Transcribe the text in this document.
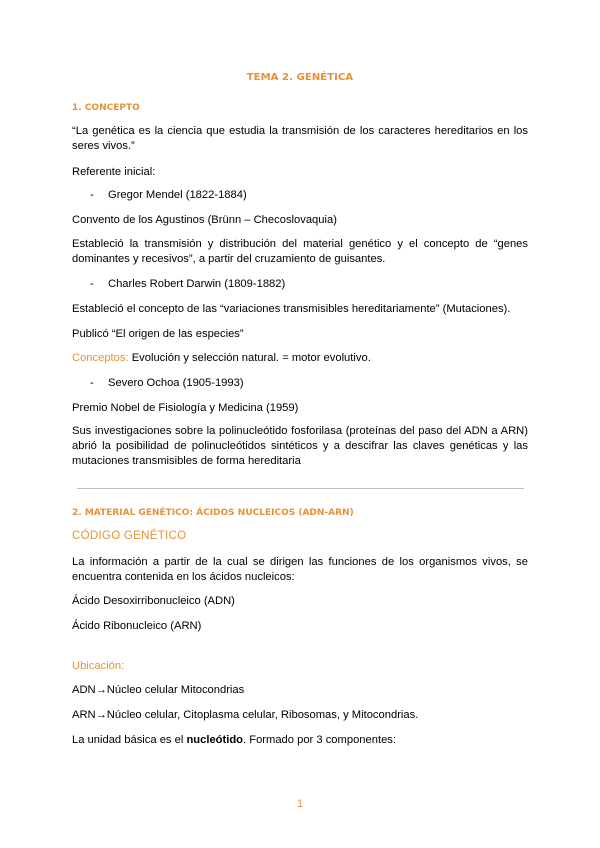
TEMA 2. GENÉTICA
1. CONCEPTO

“La genética es la ciencia que estudia la transmisión de los caracteres hereditarios en los seres vivos.”

Referente inicial:

- Gregor Mendel (1822-1884)

Convento de los Agustinos (Brünn – Checoslovaquia)

Estableció la transmisión y distribución del material genético y el concepto de “genes dominantes y recesivos”, a partir del cruzamiento de guisantes.

- Charles Robert Darwin (1809-1882)

Estableció el concepto de las “variaciones transmisibles hereditariamente” (Mutaciones).

Publicó “El origen de las especies”

Conceptos: Evolución y selección natural. = motor evolutivo.

- Severo Ochoa (1905-1993)

Premio Nobel de Fisiología y Medicina (1959)

Sus investigaciones sobre la polinucleótido fosforilasa (proteínas del paso del ADN a ARN) abrió la posibilidad de polinucleótidos sintéticos y a descifrar las claves genéticas y las mutaciones transmisibles de forma hereditaria

2. MATERIAL GENÉTICO: ÁCIDOS NUCLEICOS (ADN-ARN)
CÓDIGO GENÉTICO

La información a partir de la cual se dirigen las funciones de los organismos vivos, se encuentra contenida en los ácidos nucleicos:

Ácido Desoxirribonucleico (ADN)

Ácido Ribonucleico (ARN)

Ubicación:

ADN→Núcleo celular Mitocondrias

ARN→Núcleo celular, Citoplasma celular, Ribosomas, y Mitocondrias.

La unidad básica es el nucleótido. Formado por 3 componentes:

1
